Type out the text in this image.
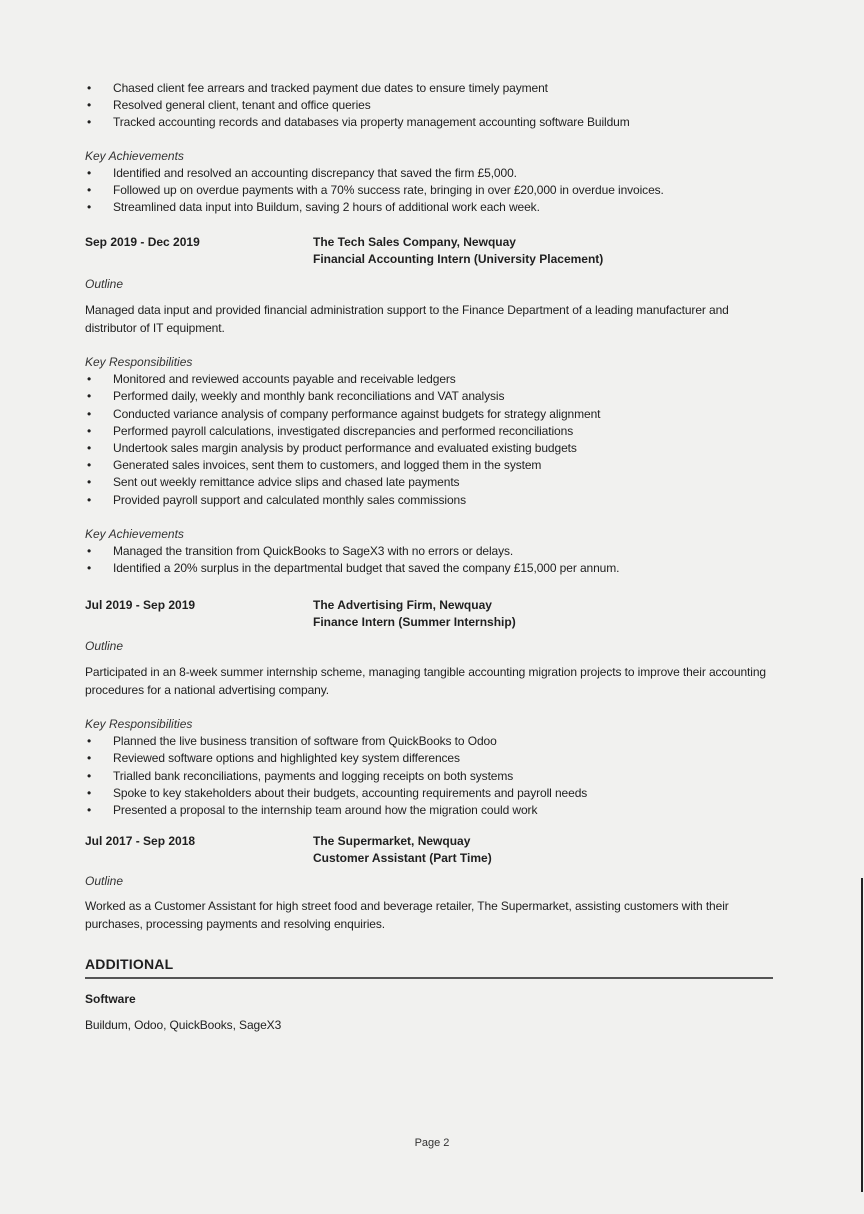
• Chased client fee arrears and tracked payment due dates to ensure timely payment
• Resolved general client, tenant and office queries
• Tracked accounting records and databases via property management accounting software Buildum
Key Achievements
• Identified and resolved an accounting discrepancy that saved the firm £5,000.
• Followed up on overdue payments with a 70% success rate, bringing in over £20,000 in overdue invoices.
• Streamlined data input into Buildum, saving 2 hours of additional work each week.
Sep 2019 - Dec 2019	The Tech Sales Company, Newquay
Financial Accounting Intern (University Placement)
Outline
Managed data input and provided financial administration support to the Finance Department of a leading manufacturer and distributor of IT equipment.
Key Responsibilities
• Monitored and reviewed accounts payable and receivable ledgers
• Performed daily, weekly and monthly bank reconciliations and VAT analysis
• Conducted variance analysis of company performance against budgets for strategy alignment
• Performed payroll calculations, investigated discrepancies and performed reconciliations
• Undertook sales margin analysis by product performance and evaluated existing budgets
• Generated sales invoices, sent them to customers, and logged them in the system
• Sent out weekly remittance advice slips and chased late payments
• Provided payroll support and calculated monthly sales commissions
Key Achievements
• Managed the transition from QuickBooks to SageX3 with no errors or delays.
• Identified a 20% surplus in the departmental budget that saved the company £15,000 per annum.
Jul 2019 - Sep 2019	The Advertising Firm, Newquay
Finance Intern (Summer Internship)
Outline
Participated in an 8-week summer internship scheme, managing tangible accounting migration projects to improve their accounting procedures for a national advertising company.
Key Responsibilities
• Planned the live business transition of software from QuickBooks to Odoo
• Reviewed software options and highlighted key system differences
• Trialled bank reconciliations, payments and logging receipts on both systems
• Spoke to key stakeholders about their budgets, accounting requirements and payroll needs
• Presented a proposal to the internship team around how the migration could work
Jul 2017 - Sep 2018	The Supermarket, Newquay
Customer Assistant (Part Time)
Outline
Worked as a Customer Assistant for high street food and beverage retailer, The Supermarket, assisting customers with their purchases, processing payments and resolving enquiries.
ADDITIONAL
Software
Buildum, Odoo, QuickBooks, SageX3
Page 2
